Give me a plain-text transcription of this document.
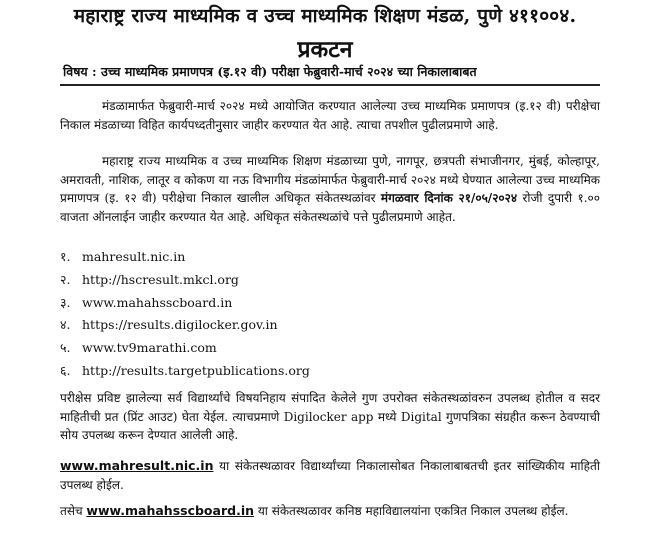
महाराष्ट्र राज्य माध्यमिक व उच्च माध्यमिक शिक्षण मंडळ, पुणे ४११००४.
प्रकटन
विषय : उच्च माध्यमिक प्रमाणपत्र (इ.१२ वी) परीक्षा फेब्रुवारी-मार्च २०२४ च्या निकालाबाबत

मंडळामार्फत फेब्रुवारी-मार्च २०२४ मध्ये आयोजित करण्यात आलेल्या उच्च माध्यमिक प्रमाणपत्र (इ.१२ वी) परीक्षेचा निकाल मंडळाच्या विहित कार्यपध्दतीनुसार जाहीर करण्यात येत आहे. त्याचा तपशील पुढीलप्रमाणे आहे.

महाराष्ट्र राज्य माध्यमिक व उच्च माध्यमिक शिक्षण मंडळाच्या पुणे, नागपूर, छत्रपती संभाजीनगर, मुंबई, कोल्हापूर, अमरावती, नाशिक, लातूर व कोकण या नऊ विभागीय मंडळांमार्फत फेब्रुवारी-मार्च २०२४ मध्ये घेण्यात आलेल्या उच्च माध्यमिक प्रमाणपत्र (इ. १२ वी) परीक्षेचा निकाल खालील अधिकृत संकेतस्थळांवर मंगळवार दिनांक २१/०५/२०२४ रोजी दुपारी १.०० वाजता ऑनलाईन जाहीर करण्यात येत आहे. अधिकृत संकेतस्थळांचे पत्ते पुढीलप्रमाणे आहेत.

१. mahresult.nic.in
२. http://hscresult.mkcl.org
३. www.mahahsscboard.in
४. https://results.digilocker.gov.in
५. www.tv9marathi.com
६. http://results.targetpublications.org

परीक्षेस प्रविष्ट झालेल्या सर्व विद्यार्थ्यांचे विषयनिहाय संपादित केलेले गुण उपरोक्त संकेतस्थळांवरुन उपलब्ध होतील व सदर माहितीची प्रत (प्रिंट आउट) घेता येईल. त्याचप्रमाणे Digilocker app मध्ये Digital गुणपत्रिका संग्रहीत करून ठेवण्याची सोय उपलब्ध करून देण्यात आलेली आहे.

www.mahresult.nic.in या संकेतस्थळावर विद्यार्थ्यांच्या निकालासोबत निकालाबाबतची इतर सांख्यिकीय माहिती उपलब्ध होईल.

तसेच www.mahahsscboard.in या संकेतस्थळावर कनिष्ठ महाविद्यालयांना एकत्रित निकाल उपलब्ध होईल.
